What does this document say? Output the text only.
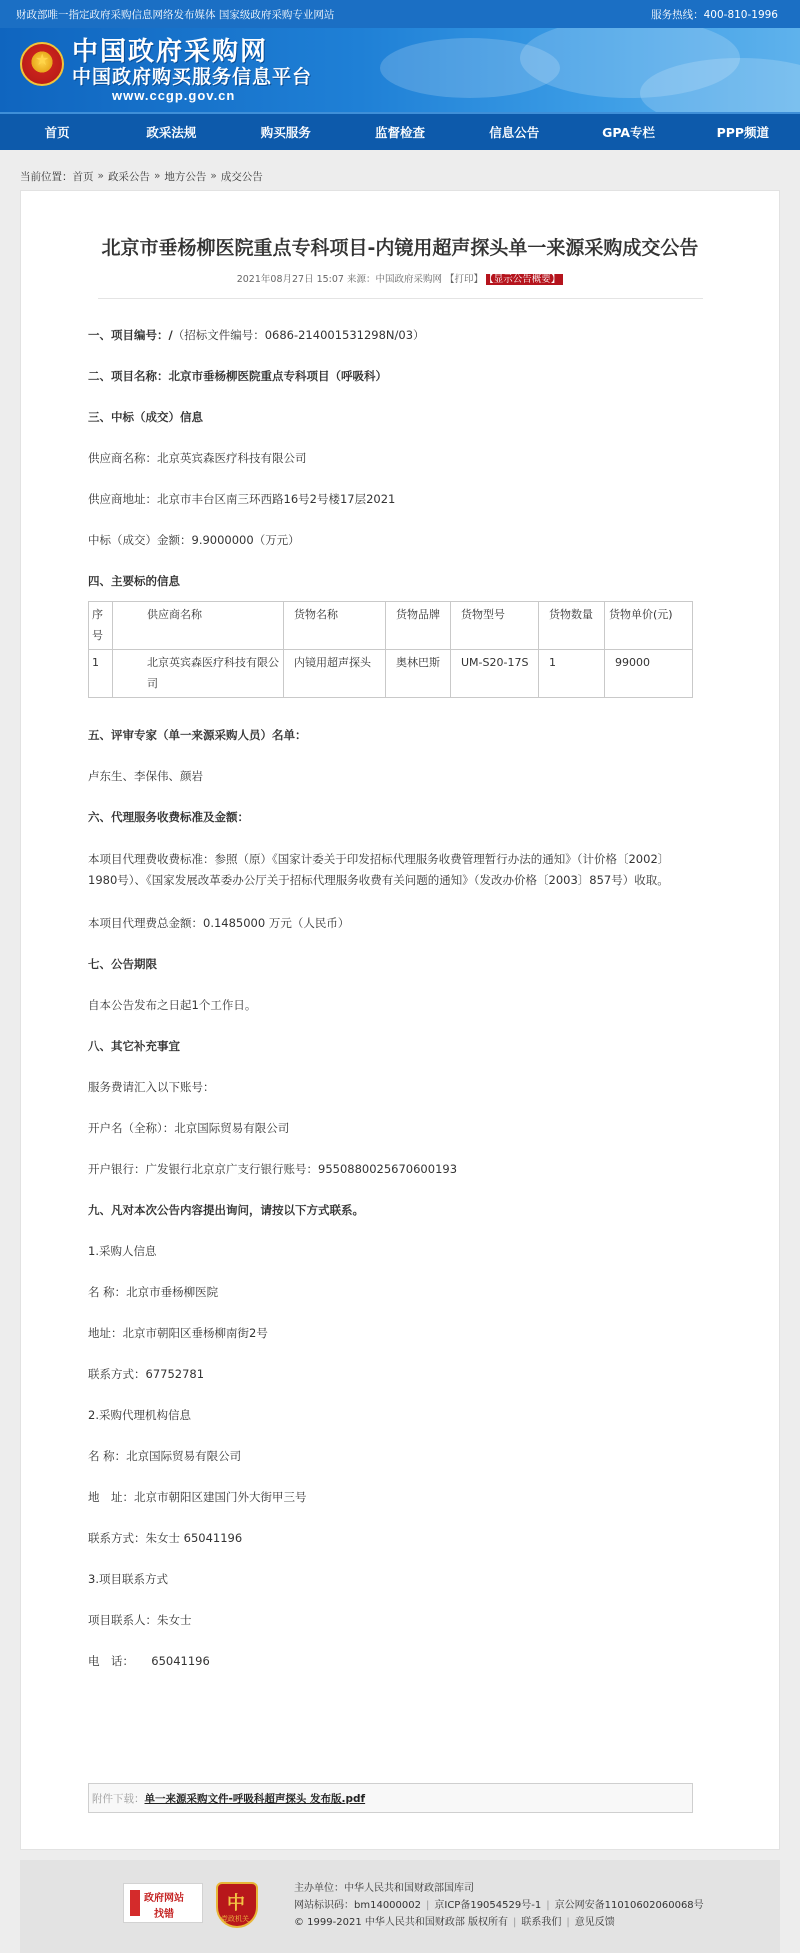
财政部唯一指定政府采购信息网络发布媒体 国家级政府采购专业网站	服务热线：400-810-1996
★ 中国政府采购网
中国政府购买服务信息平台
www.ccgp.gov.cn
首页	政采法规	购买服务	监督检查	信息公告	GPA专栏	PPP频道
当前位置： 首页 » 政采公告 » 地方公告 » 成交公告
北京市垂杨柳医院重点专科项目-内镜用超声探头单一来源采购成交公告
2021年08月27日 15:07 来源：中国政府采购网 【打印】 【显示公告概要】

一、项目编号：/（招标文件编号：0686-214001531298N/03）

二、项目名称：北京市垂杨柳医院重点专科项目（呼吸科）

三、中标（成交）信息

供应商名称：北京英宾森医疗科技有限公司

供应商地址：北京市丰台区南三环西路16号2号楼17层2021

中标（成交）金额：9.9000000（万元）

四、主要标的信息

序号	供应商名称	货物名称	货物品牌	货物型号	货物数量	货物单价(元)
1	北京英宾森医疗科技有限公司	内镜用超声探头	奥林巴斯	UM-S20-17S	1	99000

五、评审专家（单一来源采购人员）名单：

卢东生、李保伟、颜岩

六、代理服务收费标准及金额：

本项目代理费收费标准：参照（原）《国家计委关于印发招标代理服务收费管理暂行办法的通知》（计价格〔2002〕1980号）、《国家发展改革委办公厅关于招标代理服务收费有关问题的通知》（发改办价格〔2003〕857号）收取。

本项目代理费总金额：0.1485000 万元（人民币）

七、公告期限

自本公告发布之日起1个工作日。

八、其它补充事宜

服务费请汇入以下账号：

开户名（全称）：北京国际贸易有限公司

开户银行：广发银行北京京广支行银行账号：9550880025670600193

九、凡对本次公告内容提出询问，请按以下方式联系。

1.采购人信息

名 称：北京市垂杨柳医院

地址：北京市朝阳区垂杨柳南街2号

联系方式：67752781

2.采购代理机构信息

名 称：北京国际贸易有限公司

地　址：北京市朝阳区建国门外大街甲三号

联系方式：朱女士 65041196

3.项目联系方式

项目联系人：朱女士

电　话：　　65041196

附件下载： 单一来源采购文件-呼吸科超声探头 发布版.pdf
政府网站
找错
中
党政机关
主办单位：中华人民共和国财政部国库司
网站标识码：bm14000002 | 京ICP备19054529号-1 | 京公网安备11010602060068号
© 1999-2021 中华人民共和国财政部 版权所有 | 联系我们 | 意见反馈
